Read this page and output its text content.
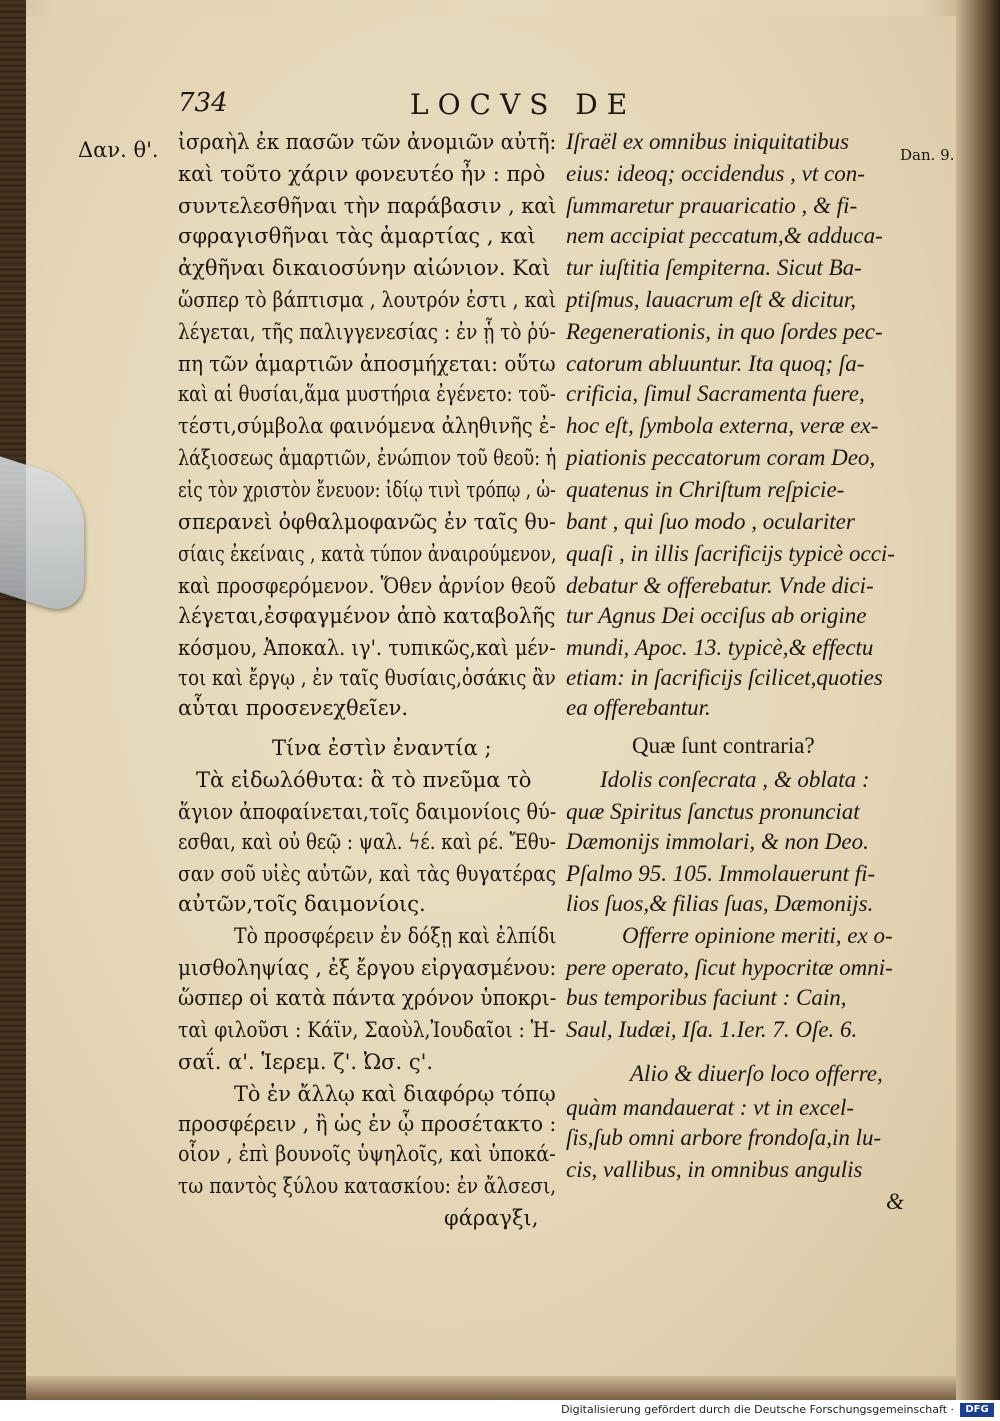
734	LOCVS DE
Δαν. θ'.	Dan. 9.
ἰσραὴλ ἐκ πασῶν τῶν ἀνομιῶν αὐτῆ:
καὶ τοῦτο χάριν φονευτέο ἦν : πρὸ
συντελεσθῆναι τὴν παράβασιν , καὶ
σφραγισθῆναι τὰς ἁμαρτίας , καὶ
ἀχθῆναι δικαιοσύνην αἰώνιον. Καὶ
ὥσπερ τὸ βάπτισμα , λουτρόν ἐστι , καὶ
λέγεται, τῆς παλιγγενεσίας : ἐν ᾗ τὸ ῥύ-
πη τῶν ἁμαρτιῶν ἀποσμήχεται: οὕτω
καὶ αἱ θυσίαι,ἅμα μυστήρια ἐγένετο: τοῦ-
τέστι,σύμβολα φαινόμενα ἀληθινῆς ἐ-
λάξιοσεως ἁμαρτιῶν, ἐνώπιον τοῦ θεοῦ: ἡ
εἰς τὸν χριστὸν ἔνευον: ἰδίῳ τινὶ τρόπῳ , ὠ-
σπερανεὶ ὀφθαλμοφανῶς ἐν ταῖς θυ-
σίαις ἐκείναις , κατὰ τύπον ἀναιρούμενον,
καὶ προσφερόμενον. Ὅθεν ἀρνίον θεοῦ
λέγεται,ἐσφαγμένον ἀπὸ καταβολῆς
κόσμου, Ἀποκαλ. ιγ'. τυπικῶς,καὶ μέν-
τοι καὶ ἔργῳ , ἐν ταῖς θυσίαις,ὁσάκις ἂν
αὗται προσενεχθεῖεν.
Τίνα ἐστὶν ἐναντία ;
Τὰ εἰδωλόθυτα: ἃ τὸ πνεῦμα τὸ
ἅγιον ἀποφαίνεται,τοῖς δαιμονίοις θύ-
εσθαι, καὶ οὐ θεῷ : ψαλ. ϟέ. καὶ ρέ. Ἔθυ-
σαν σοῦ υἱὲς αὐτῶν, καὶ τὰς θυγατέρας
αὐτῶν,τοῖς δαιμονίοις.
Τὸ προσφέρειν ἐν δόξῃ καὶ ἐλπίδι
μισθοληψίας , ἐξ ἔργου εἰργασμένου:
ὥσπερ οἱ κατὰ πάντα χρόνον ὑποκρι-
ταὶ φιλοῦσι : Κάϊν, Σαοὺλ,Ἰουδαῖοι : Ἡ-
σαΐ. α'. Ἱερεμ. ζ'. Ὠσ. ς'.
Τὸ ἐν ἄλλῳ καὶ διαφόρῳ τόπῳ
προσφέρειν , ἢ ὡς ἐν ᾧ προσέτακτο :
οἷον , ἐπὶ βουνοῖς ὑψηλοῖς, καὶ ὑποκά-
τω παντὸς ξύλου κατασκίου: ἐν ἄλσεσι,
φάραγξι,
Iſraël ex omnibus iniquitatibus
eius: ideoq; occidendus , vt con-
ſummaretur prauaricatio , & fi-
nem accipiat peccatum,& adduca-
tur iuſtitia ſempiterna. Sicut Ba-
ptiſmus, lauacrum eſt & dicitur,
Regenerationis, in quo ſordes pec-
catorum abluuntur. Ita quoq; ſa-
crificia, ſimul Sacramenta fuere,
hoc eſt, ſymbola externa, veræ ex-
piationis peccatorum coram Deo,
quatenus in Chriſtum reſpicie-
bant , qui ſuo modo , oculariter
quaſi , in illis ſacrificijs typicè occi-
debatur & offerebatur. Vnde dici-
tur Agnus Dei occiſus ab origine
mundi, Apoc. 13. typicè,& effectu
etiam: in ſacrificijs ſcilicet,quoties
ea offerebantur.
Quæ ſunt contraria?
Idolis conſecrata , & oblata :
quæ Spiritus ſanctus pronunciat
Dæmonijs immolari, & non Deo.
Pſalmo 95. 105. Immolauerunt fi-
lios ſuos,& filias ſuas, Dæmonijs.
Offerre opinione meriti, ex o-
pere operato, ſicut hypocritæ omni-
bus temporibus faciunt : Cain,
Saul, Iudæi, Iſa. 1.Ier. 7. Oſe. 6.
Alio & diuerſo loco offerre,
quàm mandauerat : vt in excel-
ſis,ſub omni arbore frondoſa,in lu-
cis, vallibus, in omnibus angulis
&
Digitalisierung gefördert durch die Deutsche Forschungsgemeinschaft ·	DFG
